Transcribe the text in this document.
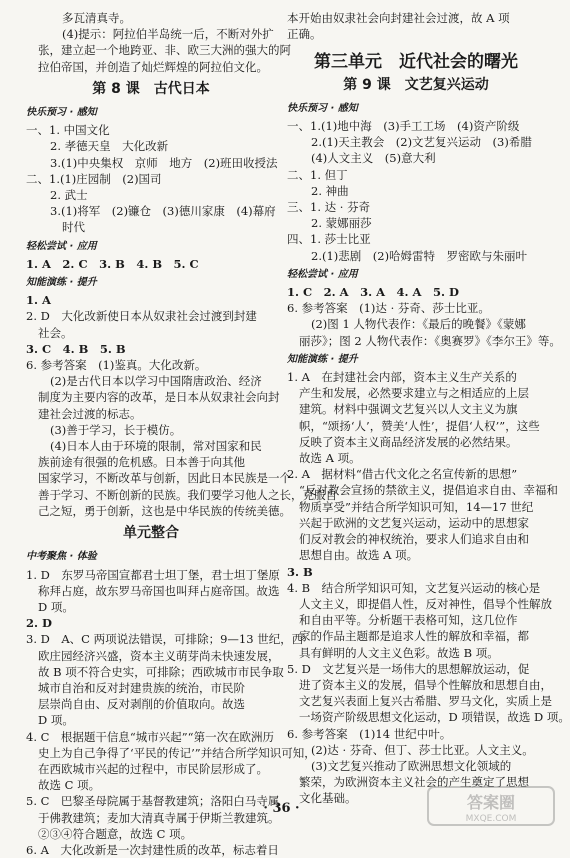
多瓦清真寺。
(4)提示：阿拉伯半岛统一后，不断对外扩
张，建立起一个地跨亚、非、欧三大洲的强大的阿
拉伯帝国，并创造了灿烂辉煌的阿拉伯文化。
第 8 课　古代日本
快乐预习 · 感知
一、1. 中国文化
2. 孝德天皇　大化改新
3.(1)中央集权　京师　地方　(2)班田收授法
二、1.(1)庄园制　(2)国司
2. 武士
3.(1)将军　(2)镰仓　(3)德川家康　(4)幕府
时代
轻松尝试 · 应用
1. A　2. C　3. B　4. B　5. C
知能演练 · 提升
1. A
2. D　大化改新使日本从奴隶社会过渡到封建
社会。
3. C　4. B　5. B
6. 参考答案　(1)鉴真。大化改新。
(2)是古代日本以学习中国隋唐政治、经济
制度为主要内容的改革，是日本从奴隶社会向封
建社会过渡的标志。
(3)善于学习，长于模仿。
(4)日本人由于环境的限制，常对国家和民
族前途有很强的危机感。日本善于向其他
国家学习，不断改革与创新，因此日本民族是一个
善于学习、不断创新的民族。我们要学习他人之长，克服自
己之短，勇于创新，这也是中华民族的传统美德。
单元整合
中考聚焦 · 体验
1. D　东罗马帝国宣都君士坦丁堡，君士坦丁堡原
称拜占庭，故东罗马帝国也叫拜占庭帝国。故选
D 项。
2. D
3. D　A、C 两项说法错误，可排除；9—13 世纪，西
欧庄园经济兴盛，资本主义萌芽尚未快速发展，
故 B 项不符合史实，可排除；西欧城市市民争取
城市自治和反对封建贵族的统治，市民阶
层崇尚自由、反对剥削的价值取向。故选
D 项。
4. C　根据题干信息“城市兴起”“第一次在欧洲历
史上为自己争得了‘平民的传记’”并结合所学知识可知，
在西欧城市兴起的过程中，市民阶层形成了。
故选 C 项。
5. C　巴黎圣母院属于基督教建筑；洛阳白马寺属
于佛教建筑；麦加大清真寺属于伊斯兰教建筑。
②③④符合题意，故选 C 项。
6. A　大化改新是一次封建性质的改革，标志着日
本开始由奴隶社会向封建社会过渡，故 A 项
正确。
第三单元　近代社会的曙光
第 9 课　文艺复兴运动
快乐预习 · 感知
一、1.(1)地中海　(3)手工工场　(4)资产阶级
2.(1)天主教会　(2)文艺复兴运动　(3)希腊
(4)人文主义　(5)意大利
二、1. 但丁
2. 神曲
三、1. 达 · 芬奇
2. 蒙娜丽莎
四、1. 莎士比亚
2.(1)悲剧　(2)哈姆雷特　罗密欧与朱丽叶
轻松尝试 · 应用
1. C　2. A　3. A　4. A　5. D
6. 参考答案　(1)达 · 芬奇、莎士比亚。
(2)图 1 人物代表作：《最后的晚餐》《蒙娜
丽莎》；图 2 人物代表作：《奥赛罗》《李尔王》等。
知能演练 · 提升
1. A　在封建社会内部，资本主义生产关系的
产生和发展，必然要求建立与之相适应的上层
建筑。材料中强调文艺复兴以人文主义为旗
帜，“颂扬‘人’，赞美‘人性’，提倡‘人权’”，这些
反映了资本主义商品经济发展的必然结果。
故选 A 项。
2. A　据材料“借古代文化之名宣传新的思想”
“反对教会宣扬的禁欲主义，提倡追求自由、幸福和
物质享受”并结合所学知识可知，14—17 世纪
兴起于欧洲的文艺复兴运动，运动中的思想家
们反对教会的神权统治，要求人们追求自由和
思想自由。故选 A 项。
3. B
4. B　结合所学知识可知，文艺复兴运动的核心是
人文主义，即提倡人性，反对神性，倡导个性解放
和自由平等。分析题干表格可知，这几位作
家的作品主题都是追求人性的解放和幸福，都
具有鲜明的人文主义色彩。故选 B 项。
5. D　文艺复兴是一场伟大的思想解放运动，促
进了资本主义的发展，倡导个性解放和思想自由，
文艺复兴表面上复兴古希腊、罗马文化，实质上是
一场资产阶级思想文化运动，D 项错误，故选 D 项。
6. 参考答案　(1)14 世纪中叶。
(2)达 · 芬奇、但丁、莎士比亚。人文主义。
(3)文艺复兴推动了欧洲思想文化领域的
繁荣，为欧洲资本主义社会的产生奠定了思想
文化基础。
· 36 ·	答案圈
MXQE.COM
